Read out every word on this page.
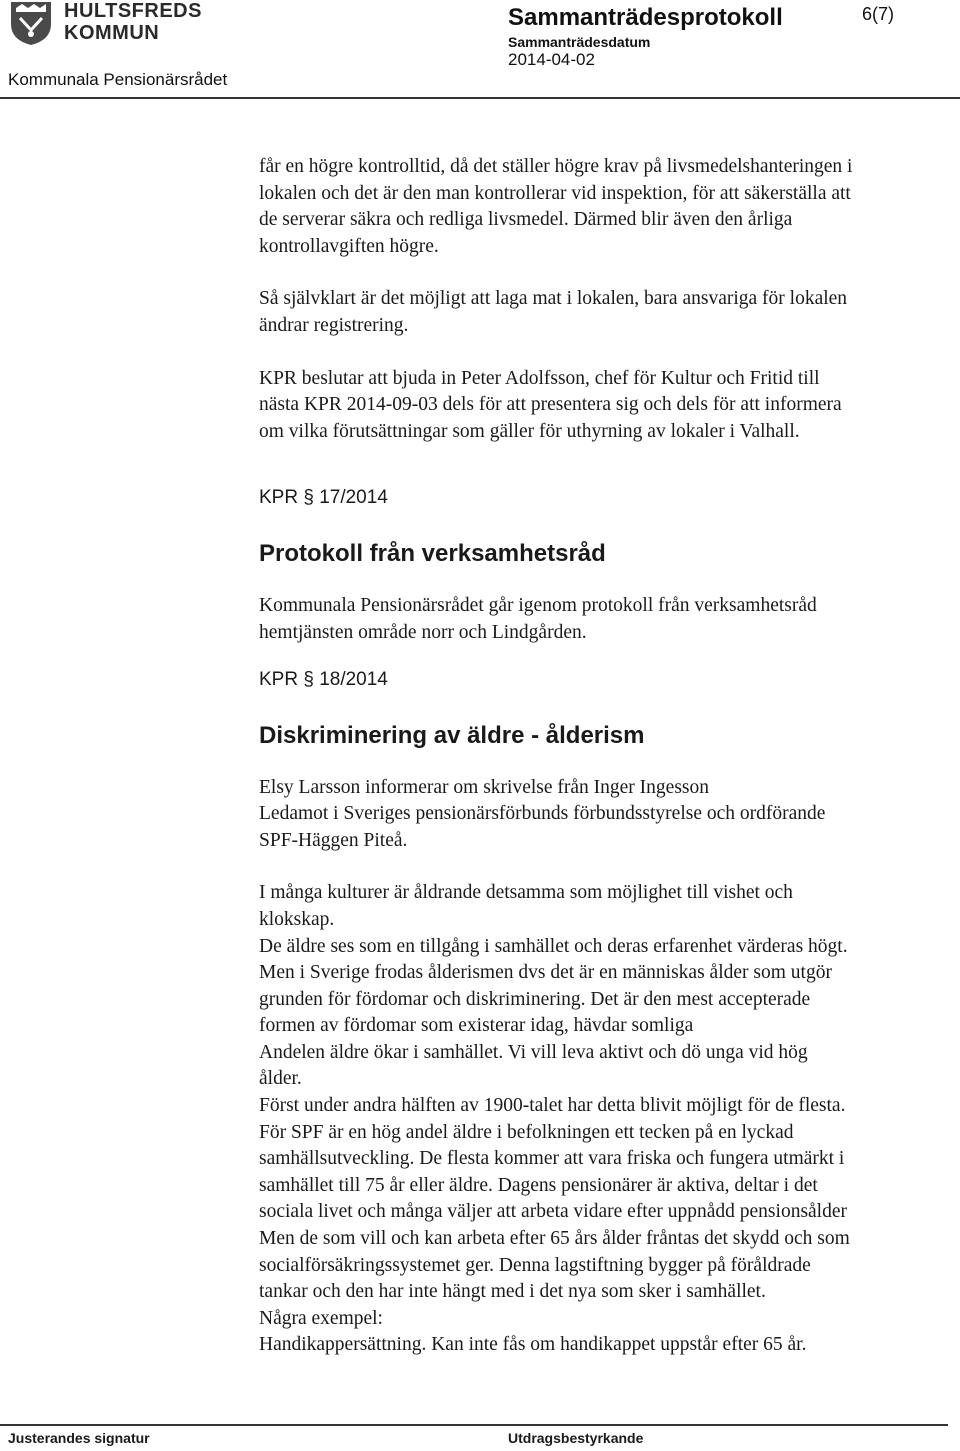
HULTSFREDS
KOMMUN
Kommunala Pensionärsrådet
Sammanträdesprotokoll
Sammanträdesdatum
2014-04-02
6(7)
får en högre kontrolltid, då det ställer högre krav på livsmedelshanteringen i
lokalen och det är den man kontrollerar vid inspektion, för att säkerställa att
de serverar säkra och redliga livsmedel. Därmed blir även den årliga
kontrollavgiften högre.
Så självklart är det möjligt att laga mat i lokalen, bara ansvariga för lokalen
ändrar registrering.
KPR beslutar att bjuda in Peter Adolfsson, chef för Kultur och Fritid till
nästa KPR 2014-09-03 dels för att presentera sig och dels för att informera
om vilka förutsättningar som gäller för uthyrning av lokaler i Valhall.
KPR § 17/2014
Protokoll från verksamhetsråd
Kommunala Pensionärsrådet går igenom protokoll från verksamhetsråd
hemtjänsten område norr och Lindgården.
KPR § 18/2014
Diskriminering av äldre - ålderism
Elsy Larsson informerar om skrivelse från Inger Ingesson
Ledamot i Sveriges pensionärsförbunds förbundsstyrelse och ordförande
SPF-Häggen Piteå.
I många kulturer är åldrande detsamma som möjlighet till vishet och
klokskap.
De äldre ses som en tillgång i samhället och deras erfarenhet värderas högt.
Men i Sverige frodas ålderismen dvs det är en människas ålder som utgör
grunden för fördomar och diskriminering. Det är den mest accepterade
formen av fördomar som existerar idag, hävdar somliga
Andelen äldre ökar i samhället. Vi vill leva aktivt och dö unga vid hög
ålder.
Först under andra hälften av 1900-talet har detta blivit möjligt för de flesta.
För SPF är en hög andel äldre i befolkningen ett tecken på en lyckad
samhällsutveckling. De flesta kommer att vara friska och fungera utmärkt i
samhället till 75 år eller äldre. Dagens pensionärer är aktiva, deltar i det
sociala livet och många väljer att arbeta vidare efter uppnådd pensionsålder
Men de som vill och kan arbeta efter 65 års ålder fråntas det skydd och som
socialförsäkringssystemet ger. Denna lagstiftning bygger på föråldrade
tankar och den har inte hängt med i det nya som sker i samhället.
Några exempel:
Handikappersättning. Kan inte fås om handikappet uppstår efter 65 år.
Justerandes signatur	Utdragsbestyrkande
